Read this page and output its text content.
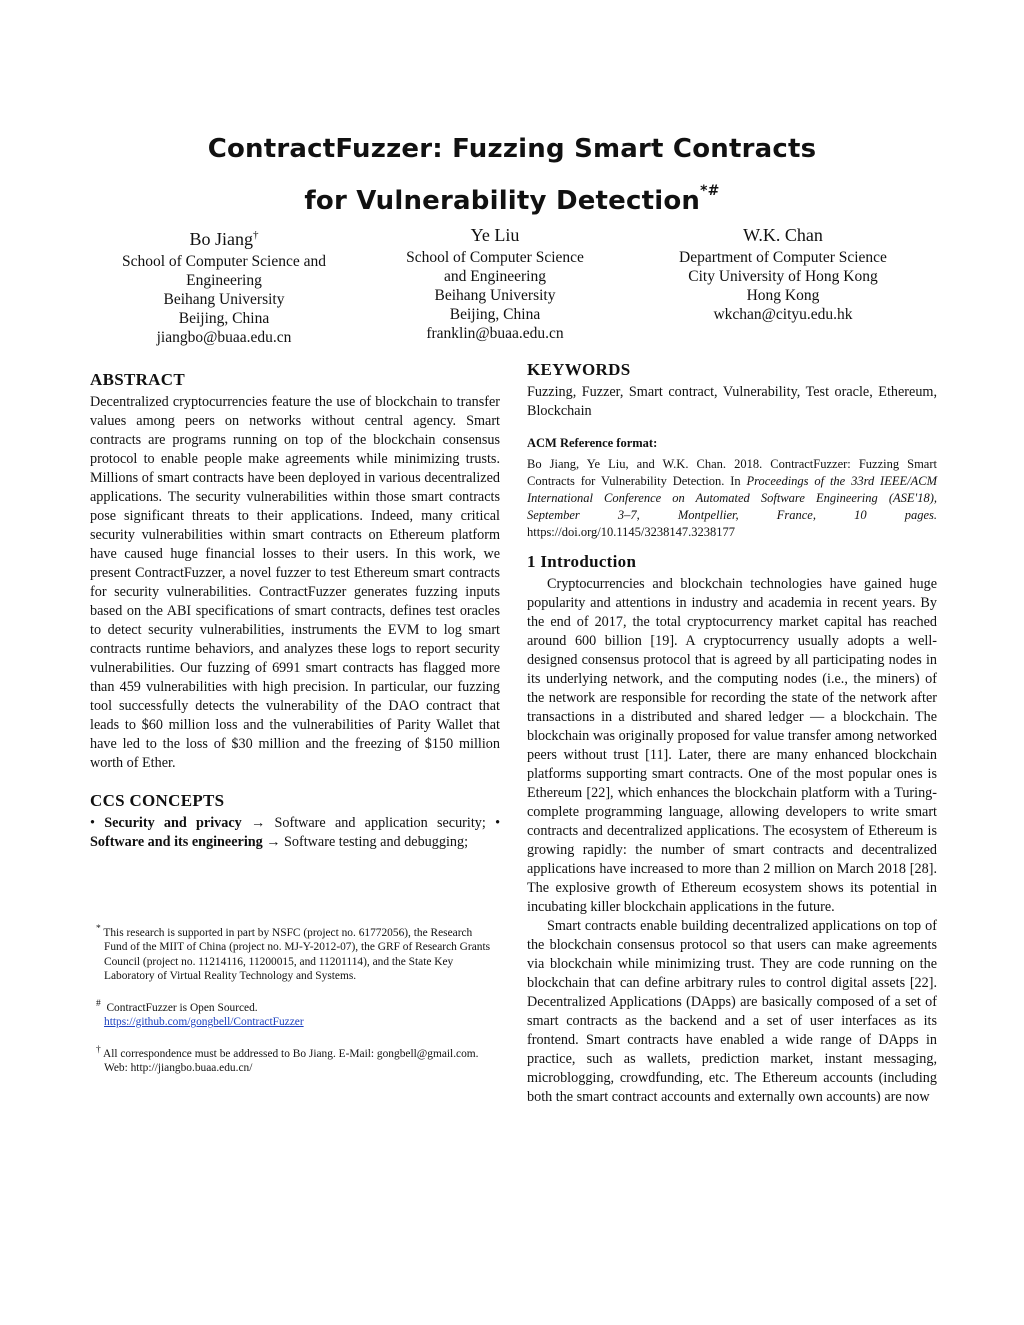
ContractFuzzer: Fuzzing Smart Contracts
for Vulnerability Detection*#
Bo Jiang†
School of Computer Science and
Engineering
Beihang University
Beijing, China
jiangbo@buaa.edu.cn
Ye Liu
School of Computer Science
and Engineering
Beihang University
Beijing, China
franklin@buaa.edu.cn
W.K. Chan
Department of Computer Science
City University of Hong Kong
Hong Kong
wkchan@cityu.edu.hk
ABSTRACT

Decentralized cryptocurrencies feature the use of blockchain to transfer values among peers on networks without central agency. Smart contracts are programs running on top of the blockchain consensus protocol to enable people make agreements while minimizing trusts. Millions of smart contracts have been deployed in various decentralized applications. The security vulnerabilities within those smart contracts pose significant threats to their applications. Indeed, many critical security vulnerabilities within smart contracts on Ethereum platform have caused huge financial losses to their users. In this work, we present ContractFuzzer, a novel fuzzer to test Ethereum smart contracts for security vulnerabilities. ContractFuzzer generates fuzzing inputs based on the ABI specifications of smart contracts, defines test oracles to detect security vulnerabilities, instruments the EVM to log smart contracts runtime behaviors, and analyzes these logs to report security vulnerabilities. Our fuzzing of 6991 smart contracts has flagged more than 459 vulnerabilities with high precision. In particular, our fuzzing tool successfully detects the vulnerability of the DAO contract that leads to $60 million loss and the vulnerabilities of Parity Wallet that have led to the loss of $30 million and the freezing of $150 million worth of Ether.

CCS CONCEPTS

• Security and privacy → Software and application security; • Software and its engineering → Software testing and debugging;

* This research is supported in part by NSFC (project no. 61772056), the Research Fund of the MIIT of China (project no. MJ-Y-2012-07), the GRF of Research Grants Council (project no. 11214116, 11200015, and 11201114), and the State Key Laboratory of Virtual Reality Technology and Systems.

# ContractFuzzer is Open Sourced.
https://github.com/gongbell/ContractFuzzer

† All correspondence must be addressed to Bo Jiang. E-Mail: gongbell@gmail.com. Web: http://jiangbo.buaa.edu.cn/

KEYWORDS

Fuzzing, Fuzzer, Smart contract, Vulnerability, Test oracle, Ethereum, Blockchain

ACM Reference format:

Bo Jiang, Ye Liu, and W.K. Chan. 2018. ContractFuzzer: Fuzzing Smart Contracts for Vulnerability Detection. In Proceedings of the 33rd IEEE/ACM International Conference on Automated Software Engineering (ASE'18), September 3–7, Montpellier, France, 10 pages. https://doi.org/10.1145/3238147.3238177

1 Introduction

Cryptocurrencies and blockchain technologies have gained huge popularity and attentions in industry and academia in recent years. By the end of 2017, the total cryptocurrency market capital has reached around 600 billion [19]. A cryptocurrency usually adopts a well-designed consensus protocol that is agreed by all participating nodes in its underlying network, and the computing nodes (i.e., the miners) of the network are responsible for recording the state of the network after transactions in a distributed and shared ledger — a blockchain. The blockchain was originally proposed for value transfer among networked peers without trust [11]. Later, there are many enhanced blockchain platforms supporting smart contracts. One of the most popular ones is Ethereum [22], which enhances the blockchain platform with a Turing-complete programming language, allowing developers to write smart contracts and decentralized applications. The ecosystem of Ethereum is growing rapidly: the number of smart contracts and decentralized applications have increased to more than 2 million on March 2018 [28]. The explosive growth of Ethereum ecosystem shows its potential in incubating killer blockchain applications in the future.

Smart contracts enable building decentralized applications on top of the blockchain consensus protocol so that users can make agreements via blockchain while minimizing trust. They are code running on the blockchain that can define arbitrary rules to control digital assets [22]. Decentralized Applications (DApps) are basically composed of a set of smart contracts as the backend and a set of user interfaces as its frontend. Smart contracts have enabled a wide range of DApps in practice, such as wallets, prediction market, instant messaging, microblogging, crowdfunding, etc. The Ethereum accounts (including both the smart contract accounts and externally own accounts) are now
